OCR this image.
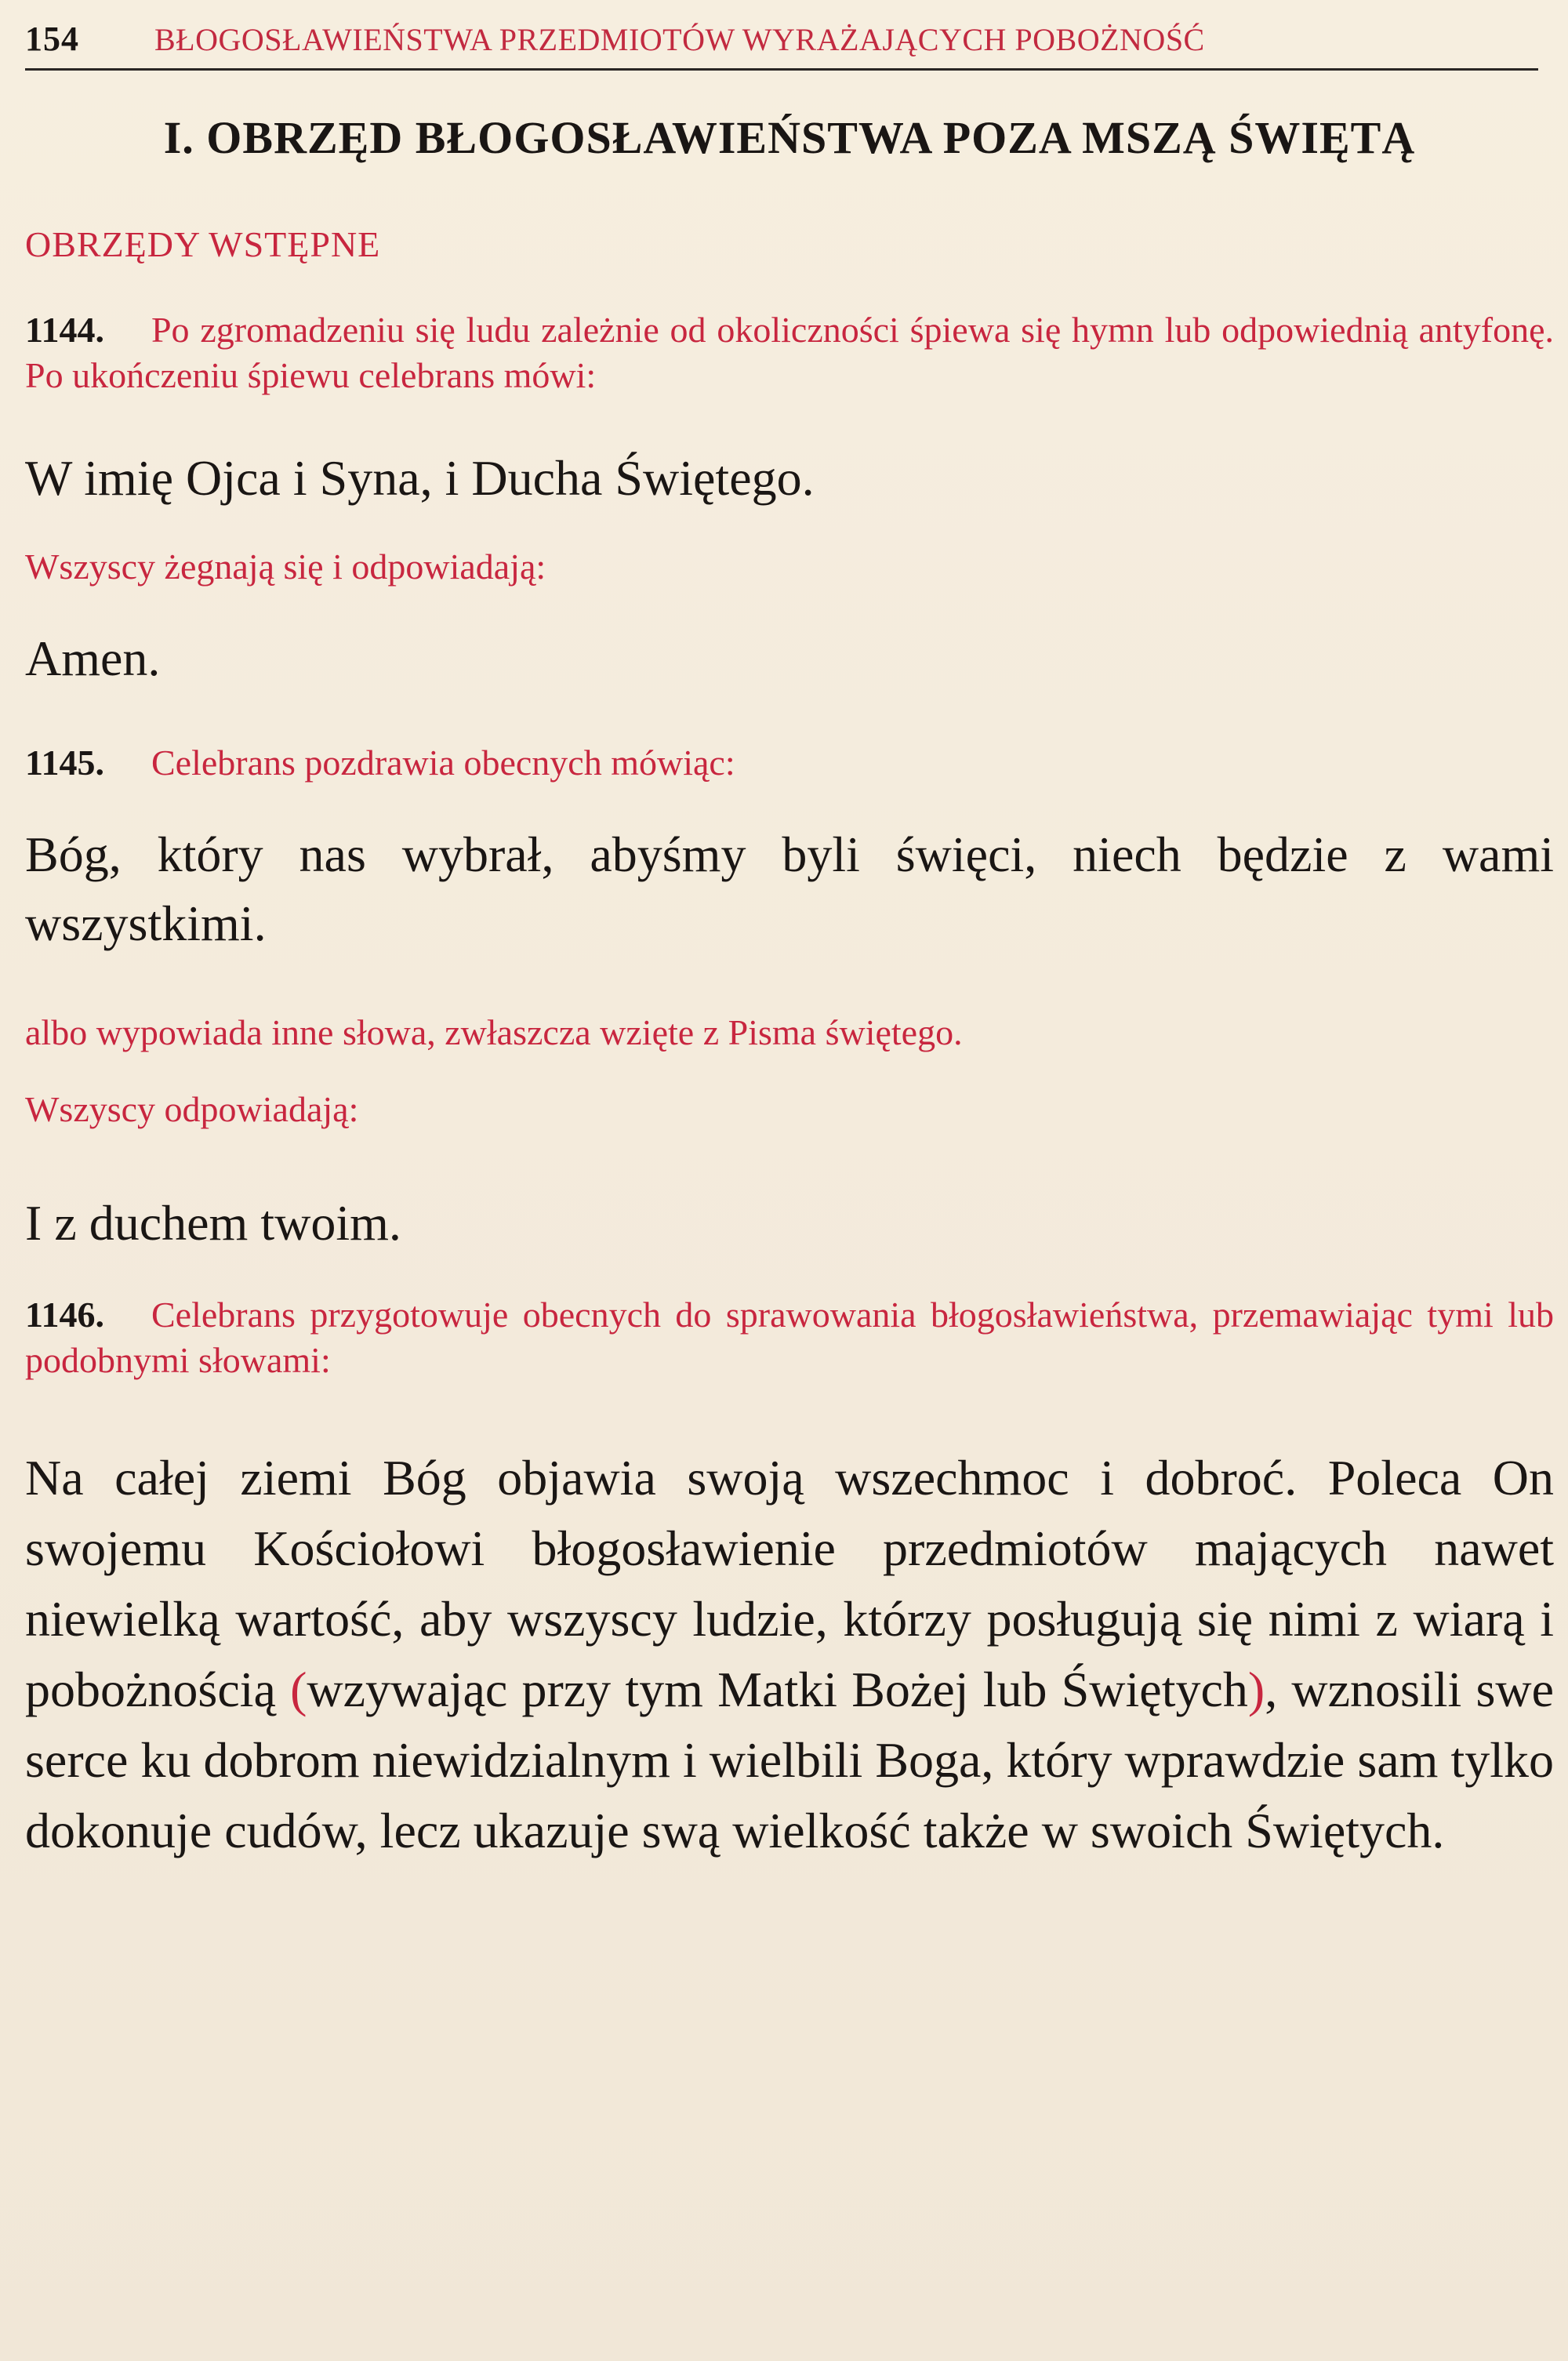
154 BŁOGOSŁAWIEŃSTWA PRZEDMIOTÓW WYRAŻAJĄCYCH POBOŻNOŚĆ
I. OBRZĘD BŁOGOSŁAWIEŃSTWA POZA MSZĄ ŚWIĘTĄ

OBRZĘDY WSTĘPNE

1144. Po zgromadzeniu się ludu zależnie od okoliczności śpiewa się hymn lub odpowiednią antyfonę. Po ukończeniu śpiewu celebrans mówi:

W imię Ojca i Syna, i Ducha Świętego.

Wszyscy żegnają się i odpowiadają:

Amen.

1145. Celebrans pozdrawia obecnych mówiąc:

Bóg, który nas wybrał, abyśmy byli święci, niech będzie z wami wszystkimi.

albo wypowiada inne słowa, zwłaszcza wzięte z Pisma świętego.

Wszyscy odpowiadają:

I z duchem twoim.

1146. Celebrans przygotowuje obecnych do sprawowania błogosławieństwa, przemawiając tymi lub podobnymi słowami:

Na całej ziemi Bóg objawia swoją wszechmoc i dobroć. Poleca On swojemu Kościołowi błogosławienie przedmiotów mających nawet niewielką wartość, aby wszyscy ludzie, którzy posługują się nimi z wiarą i pobożnością (wzywając przy tym Matki Bożej lub Świętych), wznosili swe serce ku dobrom niewidzialnym i wielbili Boga, który wprawdzie sam tylko dokonuje cudów, lecz ukazuje swą wielkość także w swoich Świętych.
